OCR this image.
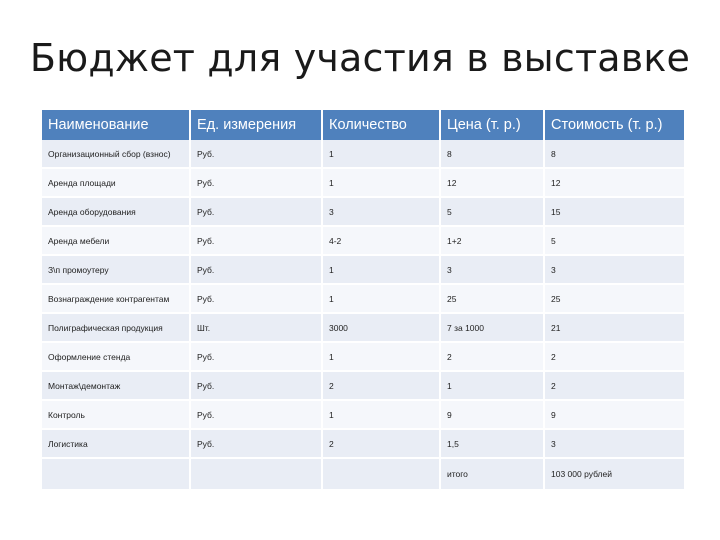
Бюджет для участия в выставке
Наименование	Ед. измерения	Количество	Цена (т. р.)	Стоимость (т. р.)
Организационный сбор (взнос)	Руб.	1	8	8
Аренда площади	Руб.	1	12	12
Аренда оборудования	Руб.	3	5	15
Аренда мебели	Руб.	4-2	1+2	5
З\п промоутеру	Руб.	1	3	3
Вознаграждение контрагентам	Руб.	1	25	25
Полиграфическая продукция	Шт.	3000	7 за 1000	21
Оформление стенда	Руб.	1	2	2
Монтаж\демонтаж	Руб.	2	1	2
Контроль	Руб.	1	9	9
Логистика	Руб.	2	1,5	3
			итого	103 000 рублей
